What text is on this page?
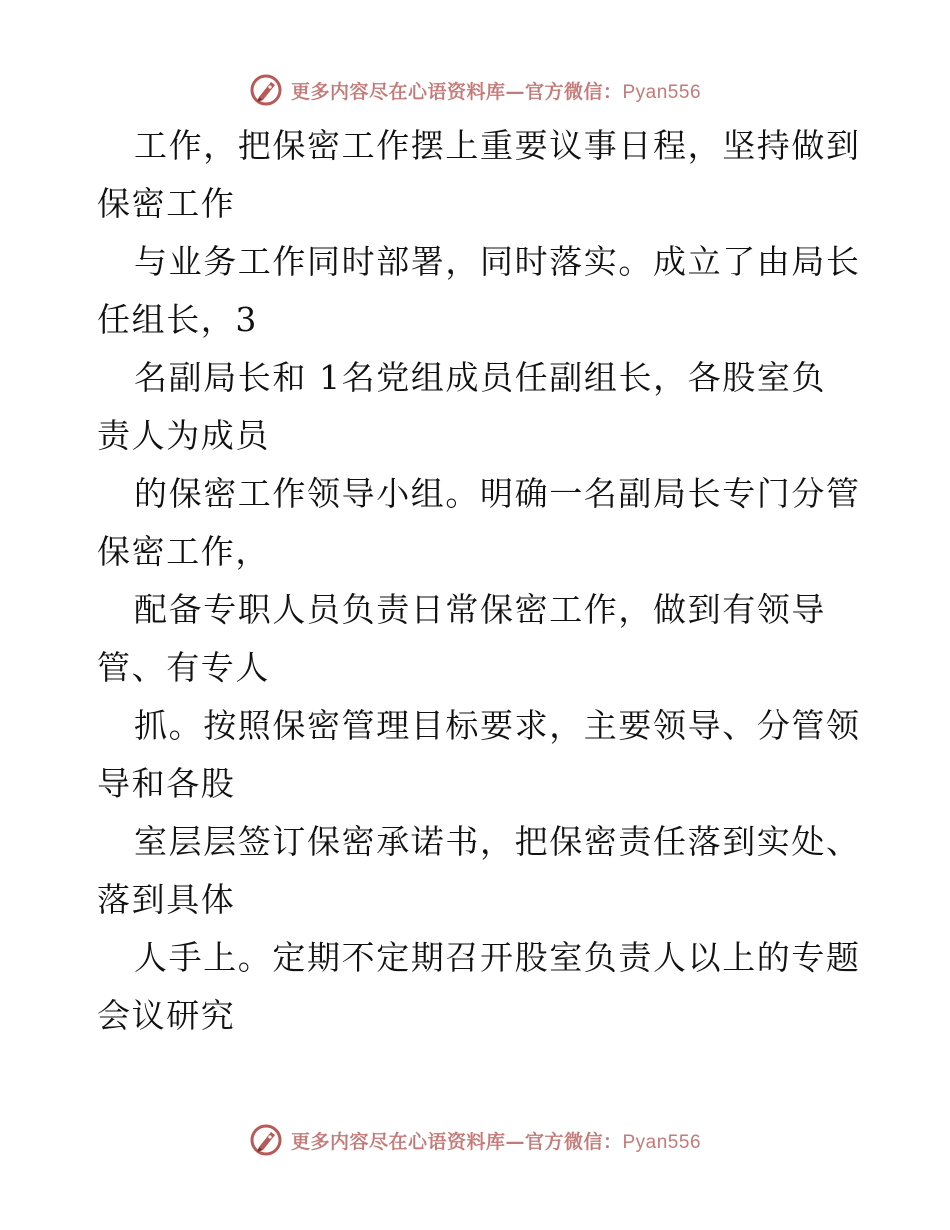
更多内容尽在心语资料库—官方微信：Pyan556
工作，把保密工作摆上重要议事日程，坚持做到
保密工作
与业务工作同时部署，同时落实。成立了由局长
任组长，3
名副局长和 1名党组成员任副组长，各股室负
责人为成员
的保密工作领导小组。明确一名副局长专门分管
保密工作，
配备专职人员负责日常保密工作，做到有领导
管、有专人
抓。按照保密管理目标要求，主要领导、分管领
导和各股
室层层签订保密承诺书，把保密责任落到实处、
落到具体
人手上。定期不定期召开股室负责人以上的专题
会议研究
更多内容尽在心语资料库—官方微信：Pyan556
